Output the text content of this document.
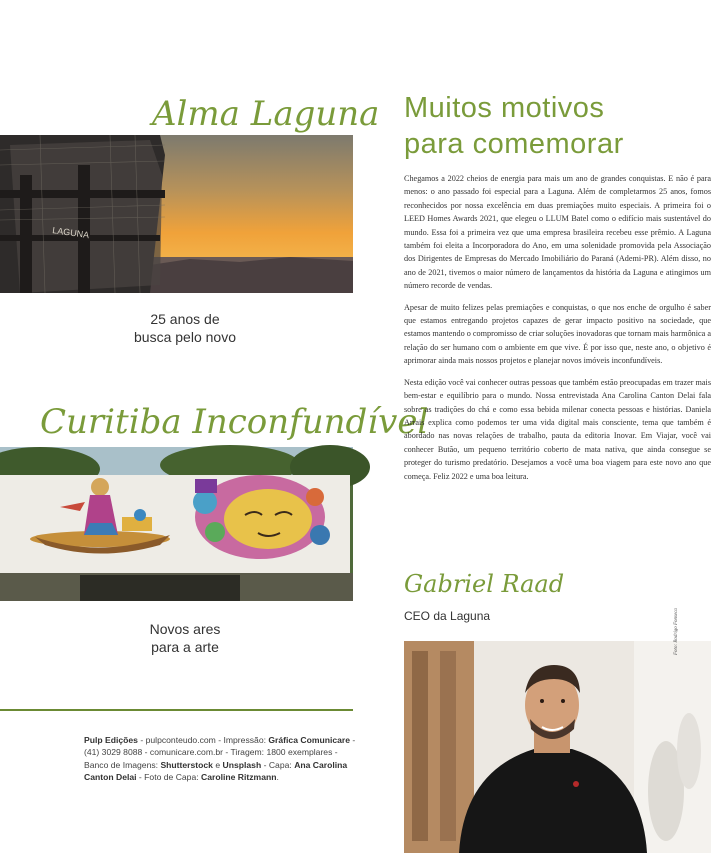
Alma Laguna
LAGUNA
25 anos de
busca pelo novo
Curitiba Inconfundível
Novos ares
para a arte
Pulp Edições - pulpconteudo.com - Impressão: Gráfica Comunicare - (41) 3029 8088 - comunicare.com.br - Tiragem: 1800 exemplares - Banco de Imagens: Shutterstock e Unsplash - Capa: Ana Carolina Canton Delai - Foto de Capa: Caroline Ritzmann.
Muitos motivos
para comemorar

Chegamos a 2022 cheios de energia para mais um ano de grandes conquistas. E não é para menos: o ano passado foi especial para a Laguna. Além de completarmos 25 anos, fomos reconhecidos por nossa excelência em duas premiações muito especiais. A primeira foi o LEED Homes Awards 2021, que elegeu o LLUM Batel como o edifício mais sustentável do mundo. Essa foi a primeira vez que uma empresa brasileira recebeu esse prêmio. A Laguna também foi eleita a Incorporadora do Ano, em uma solenidade promovida pela Associação dos Dirigentes de Empresas do Mercado Imobiliário do Paraná (Ademi-PR). Além disso, no ano de 2021, tivemos o maior número de lançamentos da história da Laguna e atingimos um número recorde de vendas.

Apesar de muito felizes pelas premiações e conquistas, o que nos enche de orgulho é saber que estamos entregando projetos capazes de gerar impacto positivo na sociedade, que estamos mantendo o compromisso de criar soluções inovadoras que tornam mais harmônica a relação do ser humano com o ambiente em que vive. É por isso que, neste ano, o objetivo é aprimorar ainda mais nossos projetos e planejar novos imóveis inconfundíveis.

Nesta edição você vai conhecer outras pessoas que também estão preocupadas em trazer mais bem-estar e equilíbrio para o mundo. Nossa entrevistada Ana Carolina Canton Delai fala sobre as tradições do chá e como essa bebida milenar conecta pessoas e histórias. Daniela Arrais explica como podemos ter uma vida digital mais consciente, tema que também é abordado nas novas relações de trabalho, pauta da editoria Inovar. Em Viajar, você vai conhecer Butão, um pequeno território coberto de mata nativa, que ainda consegue se proteger do turismo predatório. Desejamos a você uma boa viagem para este novo ano que começa. Feliz 2022 e uma boa leitura.

Gabriel Raad
CEO da Laguna	Foto: Rodrigo Fonseca
